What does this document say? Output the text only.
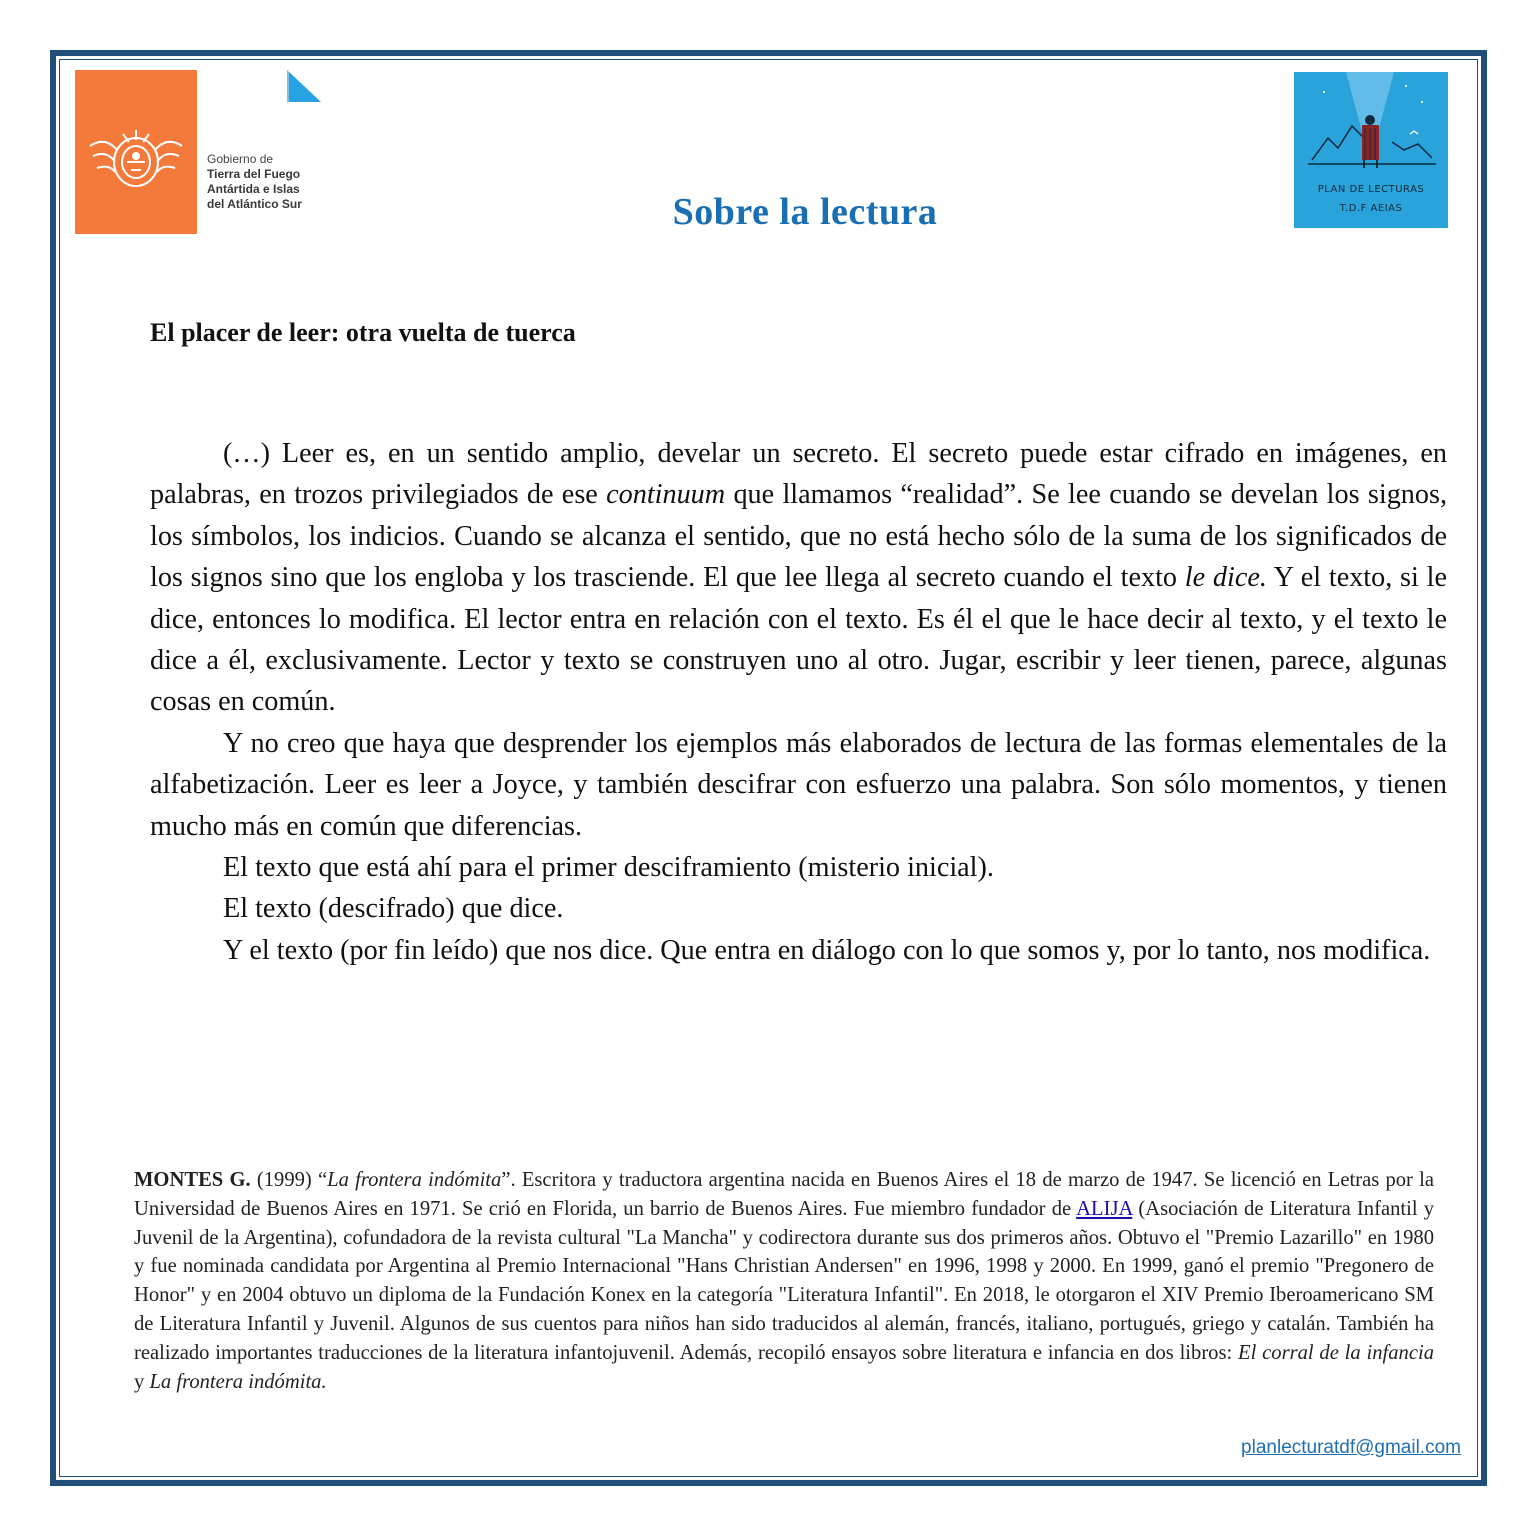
Gobierno de
Tierra del Fuego
Antártida e Islas
del Atlántico Sur
PLAN DE LECTURAS
T.D.F AEIAS
Sobre la lectura
El placer de leer: otra vuelta de tuerca

(…) Leer es, en un sentido amplio, develar un secreto. El secreto puede estar cifrado en imágenes, en palabras, en trozos privilegiados de ese continuum que llamamos “realidad”. Se lee cuando se develan los signos, los símbolos, los indicios. Cuando se alcanza el sentido, que no está hecho sólo de la suma de los significados de los signos sino que los engloba y los trasciende. El que lee llega al secreto cuando el texto le dice. Y el texto, si le dice, entonces lo modifica. El lector entra en relación con el texto. Es él el que le hace decir al texto, y el texto le dice a él, exclusivamente. Lector y texto se construyen uno al otro. Jugar, escribir y leer tienen, parece, algunas cosas en común.

Y no creo que haya que desprender los ejemplos más elaborados de lectura de las formas elementales de la alfabetización. Leer es leer a Joyce, y también descifrar con esfuerzo una palabra. Son sólo momentos, y tienen mucho más en común que diferencias.

El texto que está ahí para el primer desciframiento (misterio inicial).

El texto (descifrado) que dice.

Y el texto (por fin leído) que nos dice. Que entra en diálogo con lo que somos y, por lo tanto, nos modifica.

MONTES G. (1999) “La frontera indómita”. Escritora y traductora argentina nacida en Buenos Aires el 18 de marzo de 1947. Se licenció en Letras por la Universidad de Buenos Aires en 1971. Se crió en Florida, un barrio de Buenos Aires. Fue miembro fundador de ALIJA (Asociación de Literatura Infantil y Juvenil de la Argentina), cofundadora de la revista cultural "La Mancha" y codirectora durante sus dos primeros años. Obtuvo el "Premio Lazarillo" en 1980 y fue nominada candidata por Argentina al Premio Internacional "Hans Christian Andersen" en 1996, 1998 y 2000. En 1999, ganó el premio "Pregonero de Honor" y en 2004 obtuvo un diploma de la Fundación Konex en la categoría "Literatura Infantil". En 2018, le otorgaron el XIV Premio Iberoamericano SM de Literatura Infantil y Juvenil. Algunos de sus cuentos para niños han sido traducidos al alemán, francés, italiano, portugués, griego y catalán. También ha realizado importantes traducciones de la literatura infantojuvenil. Además, recopiló ensayos sobre literatura e infancia en dos libros: El corral de la infancia y La frontera indómita.

planlecturatdf@gmail.com
